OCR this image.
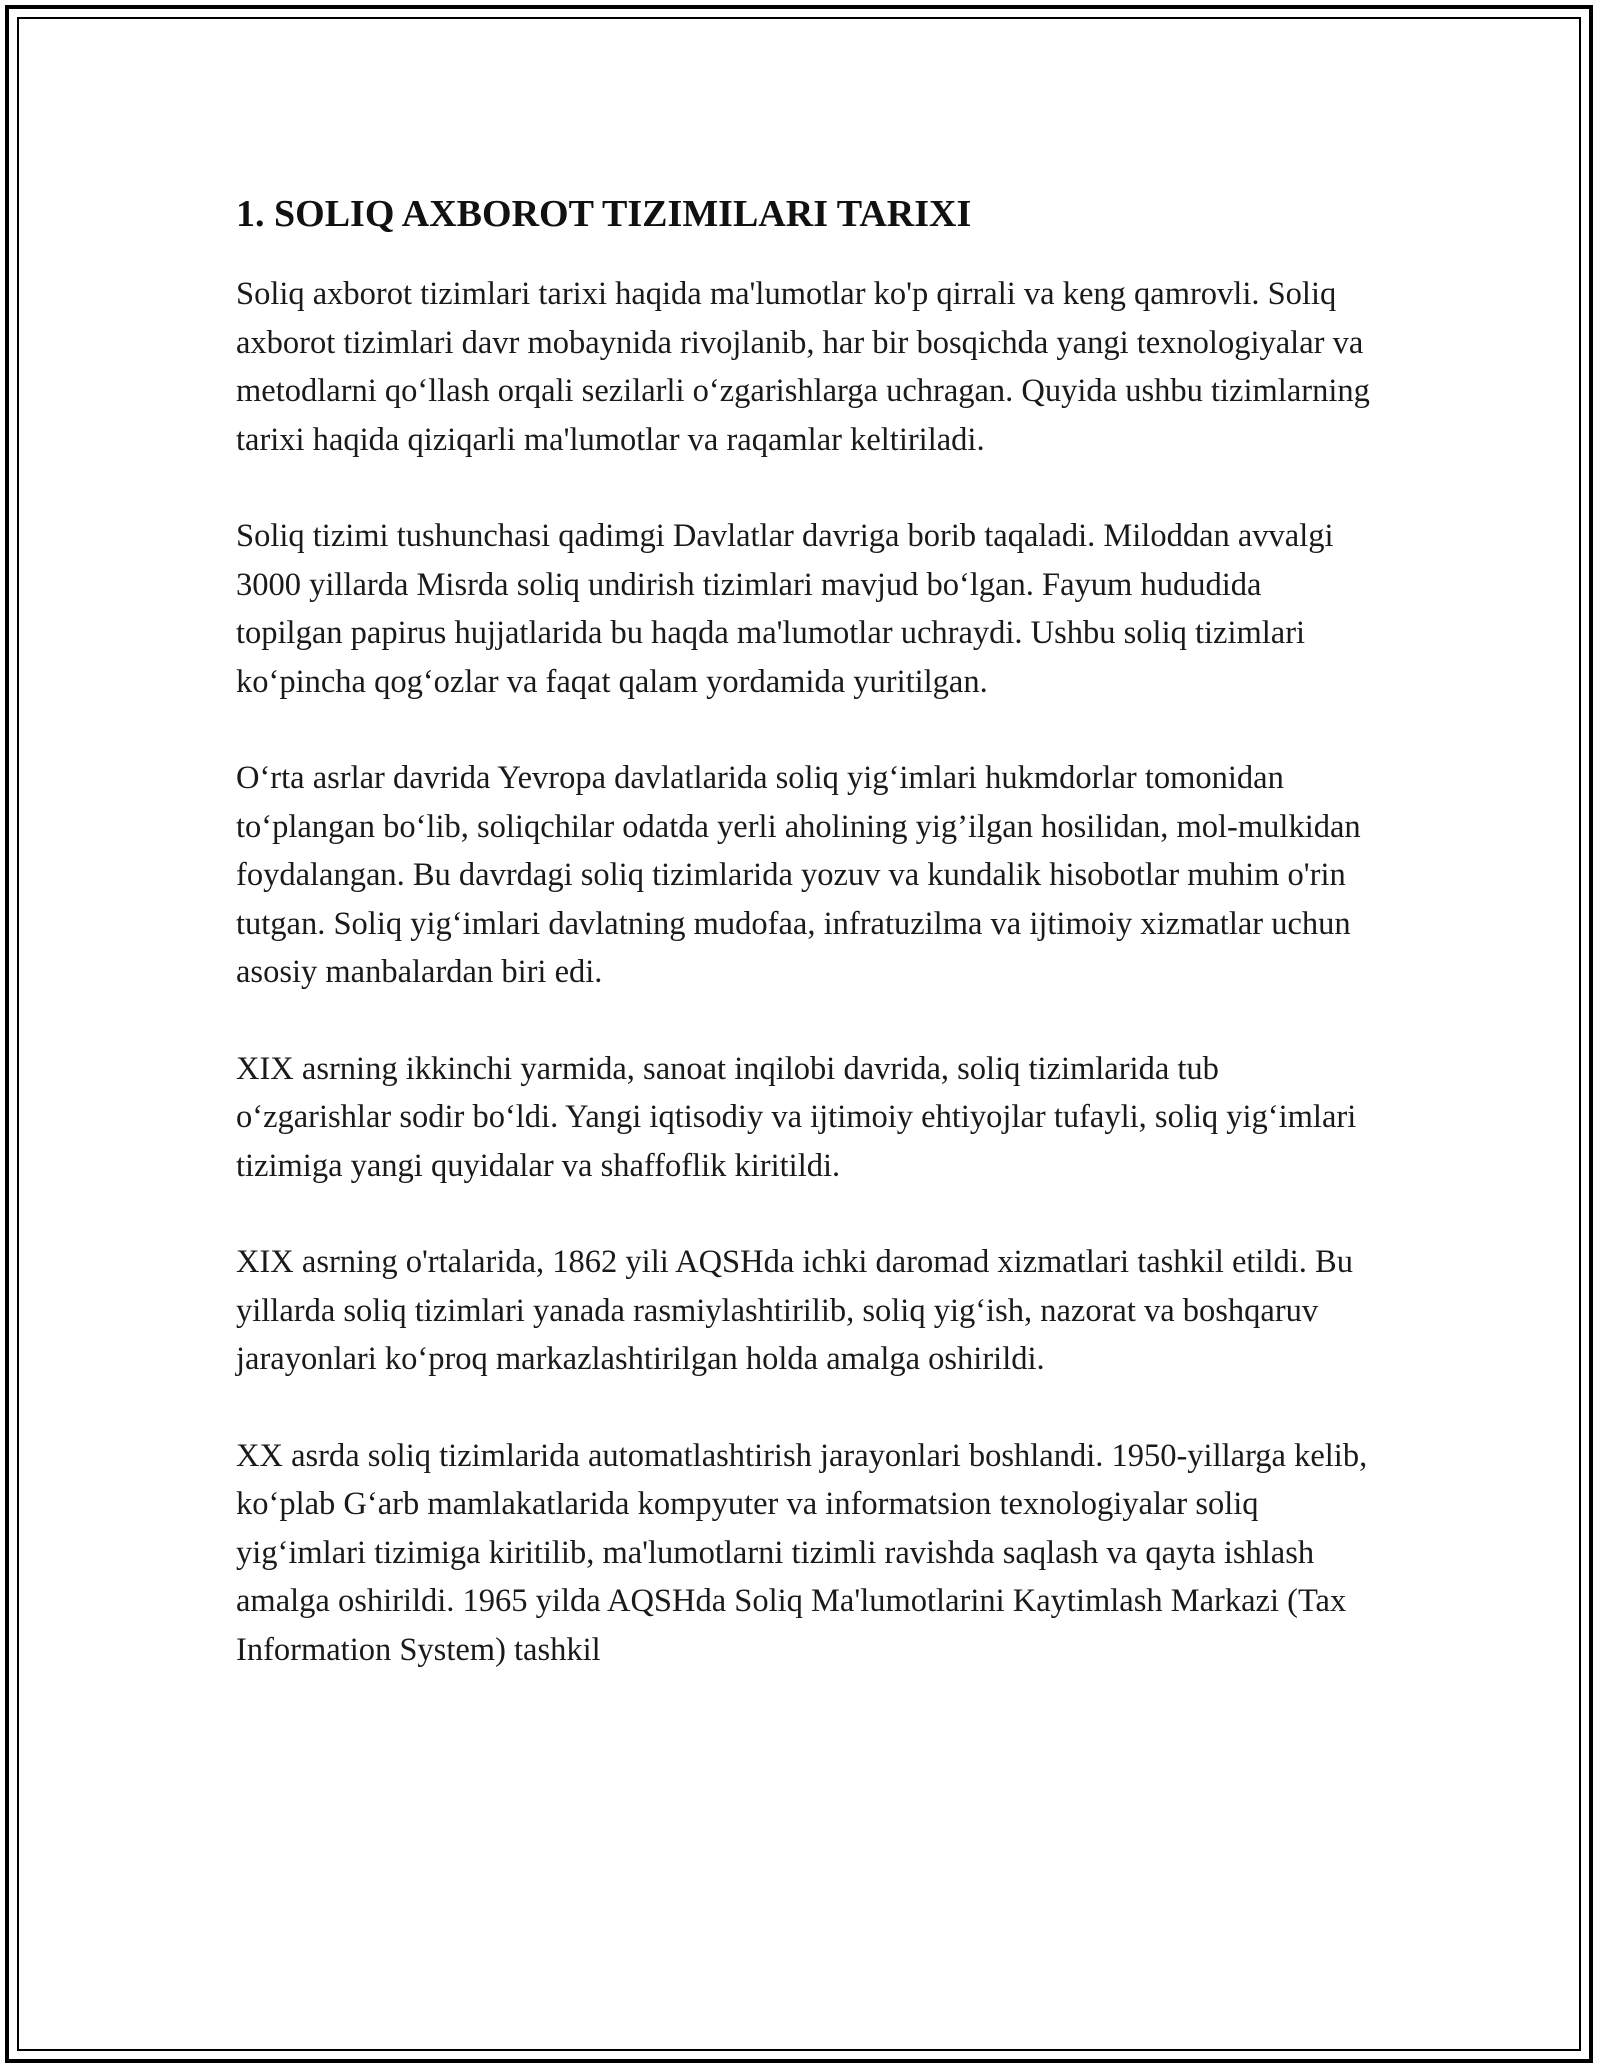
1. SOLIQ AXBOROT TIZIMILARI TARIXI

Soliq axborot tizimlari tarixi haqida ma'lumotlar ko'p qirrali va keng qamrovli. Soliq axborot tizimlari davr mobaynida rivojlanib, har bir bosqichda yangi texnologiyalar va metodlarni qo‘llash orqali sezilarli o‘zgarishlarga uchragan. Quyida ushbu tizimlarning tarixi haqida qiziqarli ma'lumotlar va raqamlar keltiriladi.

Soliq tizimi tushunchasi qadimgi Davlatlar davriga borib taqaladi. Miloddan avvalgi 3000 yillarda Misrda soliq undirish tizimlari mavjud bo‘lgan. Fayum hududida topilgan papirus hujjatlarida bu haqda ma'lumotlar uchraydi. Ushbu soliq tizimlari ko‘pincha qog‘ozlar va faqat qalam yordamida yuritilgan.

O‘rta asrlar davrida Yevropa davlatlarida soliq yig‘imlari hukmdorlar tomonidan to‘plangan bo‘lib, soliqchilar odatda yerli aholining yig’ilgan hosilidan, mol-mulkidan foydalangan. Bu davrdagi soliq tizimlarida yozuv va kundalik hisobotlar muhim o'rin tutgan. Soliq yig‘imlari davlatning mudofaa, infratuzilma va ijtimoiy xizmatlar uchun asosiy manbalardan biri edi.

XIX asrning ikkinchi yarmida, sanoat inqilobi davrida, soliq tizimlarida tub o‘zgarishlar sodir bo‘ldi. Yangi iqtisodiy va ijtimoiy ehtiyojlar tufayli, soliq yig‘imlari tizimiga yangi quyidalar va shaffoflik kiritildi.

XIX asrning o'rtalarida, 1862 yili AQSHda ichki daromad xizmatlari tashkil etildi. Bu yillarda soliq tizimlari yanada rasmiylashtirilib, soliq yig‘ish, nazorat va boshqaruv jarayonlari ko‘proq markazlashtirilgan holda amalga oshirildi.

XX asrda soliq tizimlarida automatlashtirish jarayonlari boshlandi. 1950-yillarga kelib, ko‘plab G‘arb mamlakatlarida kompyuter va informatsion texnologiyalar soliq yig‘imlari tizimiga kiritilib, ma'lumotlarni tizimli ravishda saqlash va qayta ishlash amalga oshirildi. 1965 yilda AQSHda Soliq Ma'lumotlarini Kaytimlash Markazi (Tax Information System) tashkil
